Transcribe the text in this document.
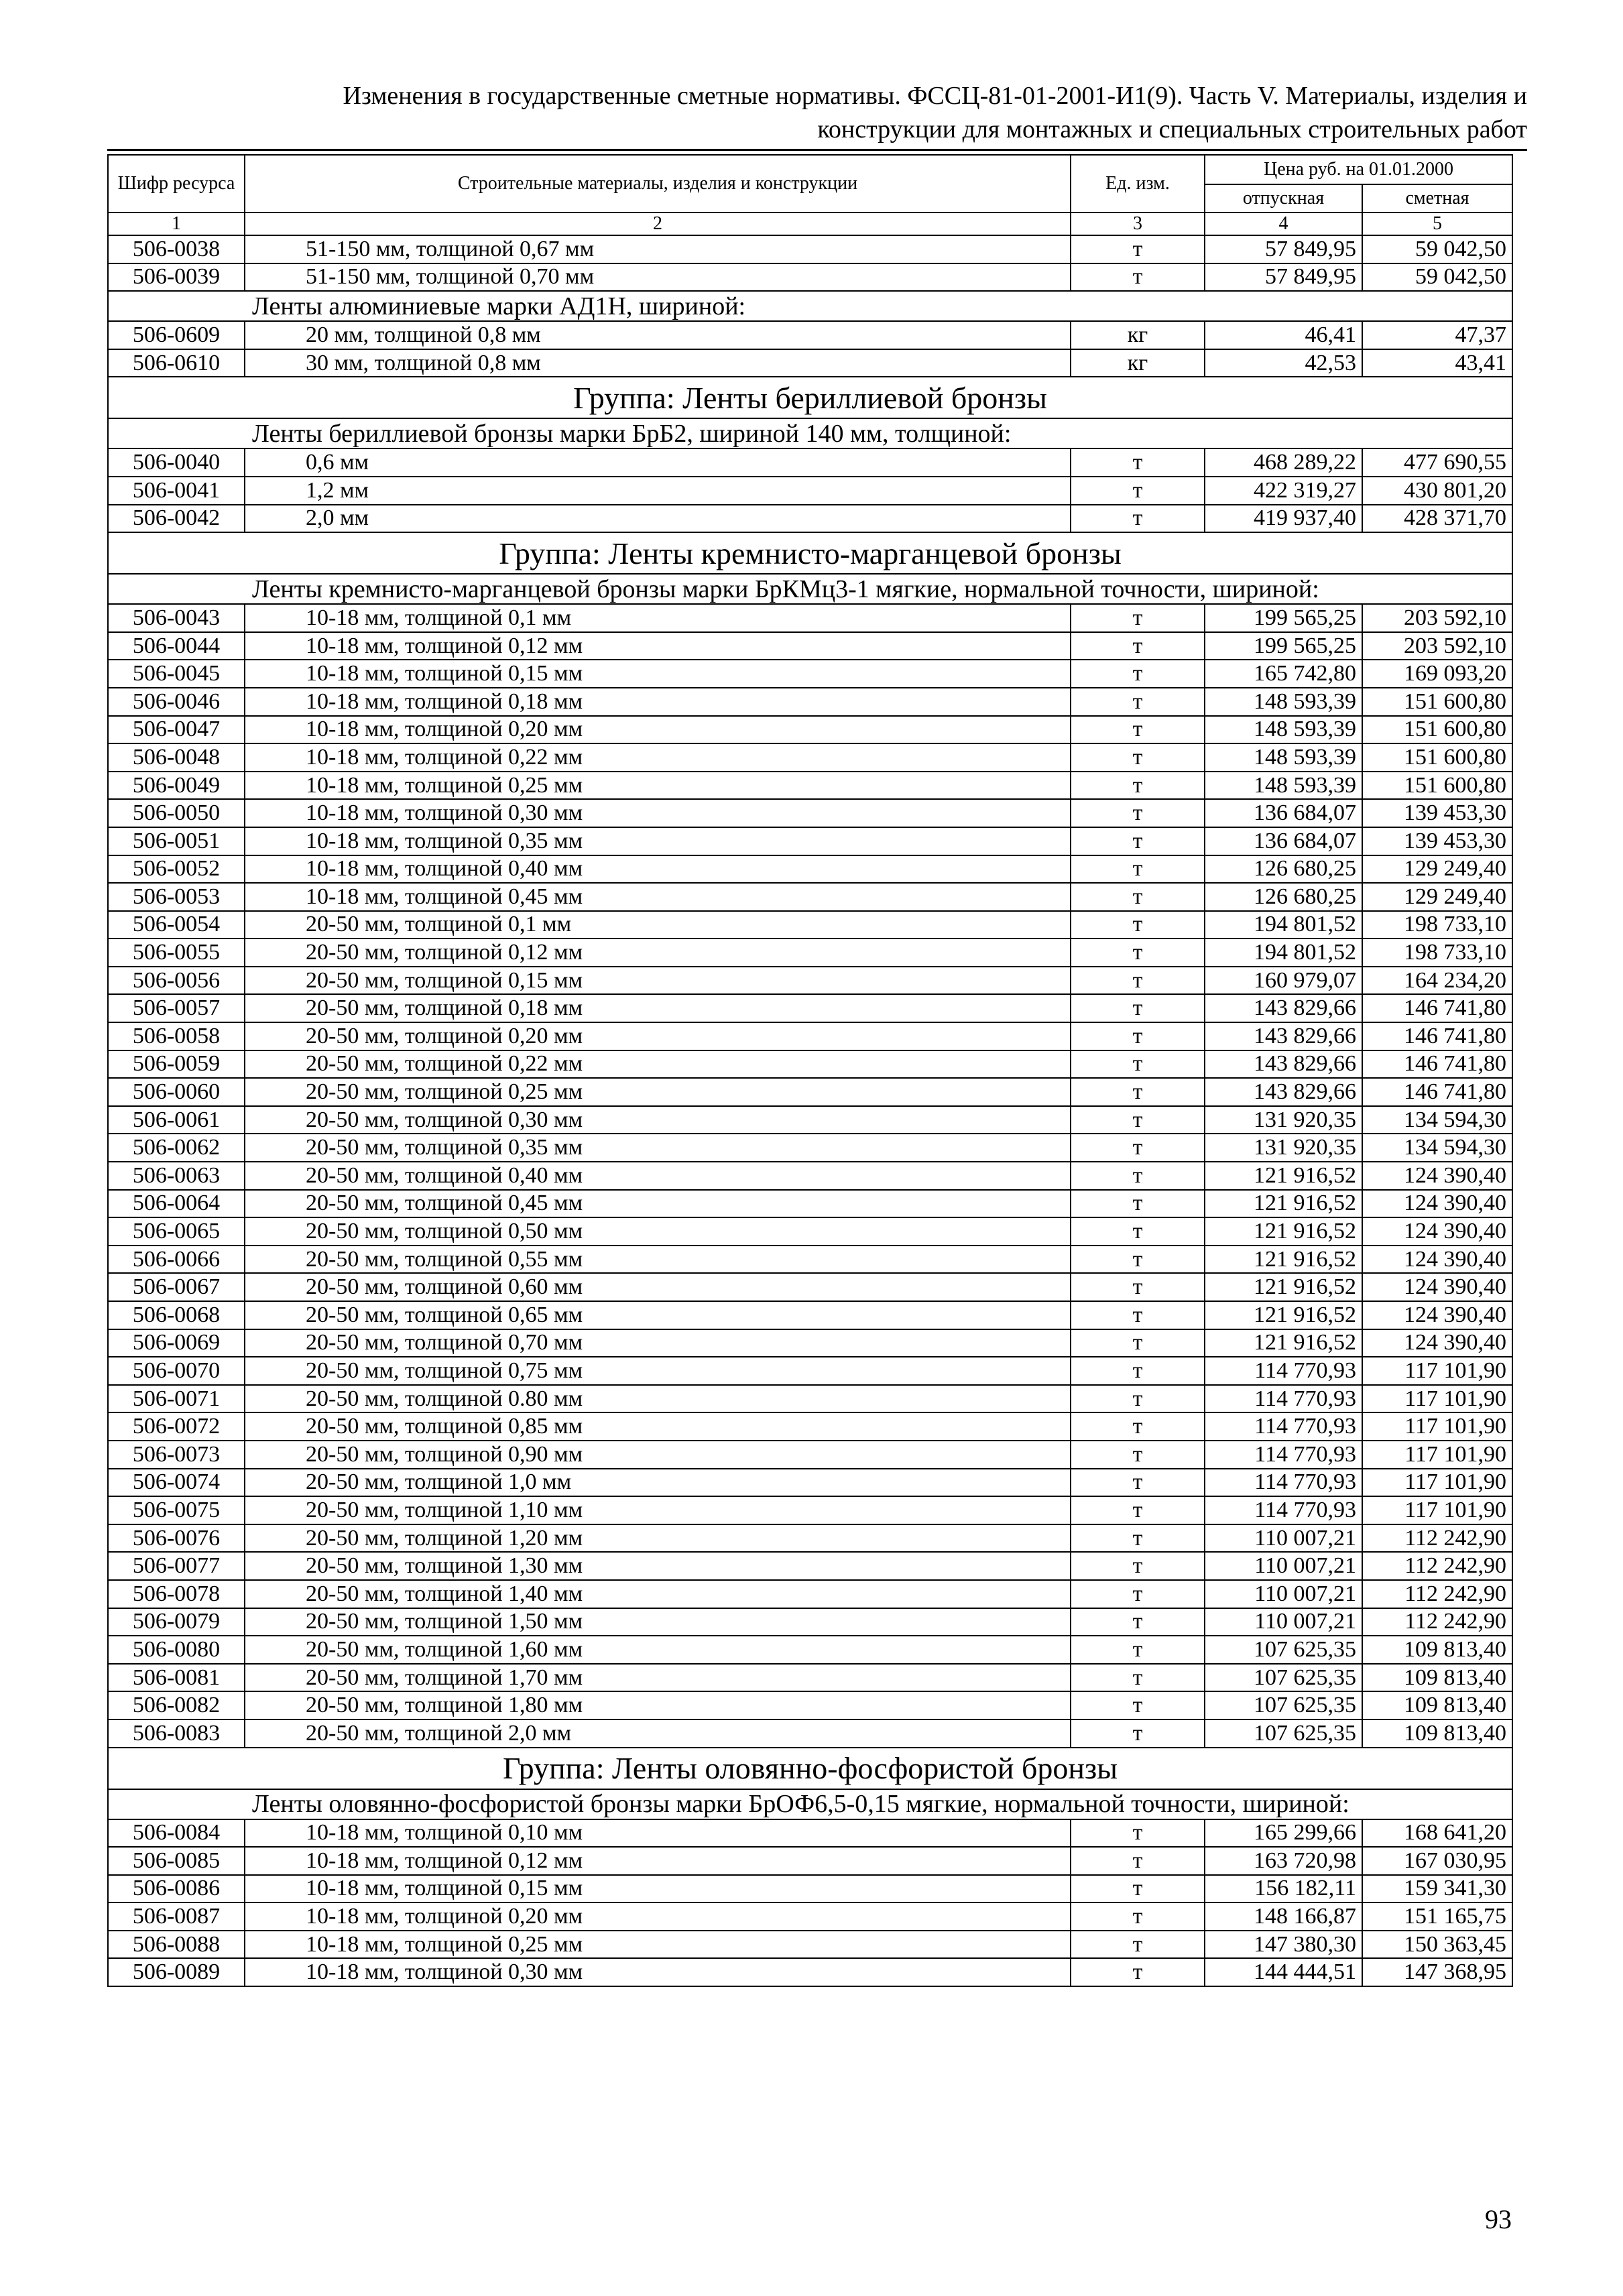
Изменения в государственные сметные нормативы. ФССЦ-81-01-2001-И1(9). Часть V. Материалы, изделия и
конструкции для монтажных и специальных строительных работ
Шифр ресурса	Строительные материалы, изделия и конструкции	Ед. изм.	Цена руб. на 01.01.2000	
			отпускная	сметная
1	2	3	4	5
506-0038	51-150 мм, толщиной 0,67 мм	т	57 849,95	59 042,50
506-0039	51-150 мм, толщиной 0,70 мм	т	57 849,95	59 042,50
Ленты алюминиевые марки АД1Н, шириной:				
506-0609	20 мм, толщиной 0,8 мм	кг	46,41	47,37
506-0610	30 мм, толщиной 0,8 мм	кг	42,53	43,41
Группа: Ленты бериллиевой бронзы				
Ленты бериллиевой бронзы марки БрБ2, шириной 140 мм, толщиной:				
506-0040	0,6 мм	т	468 289,22	477 690,55
506-0041	1,2 мм	т	422 319,27	430 801,20
506-0042	2,0 мм	т	419 937,40	428 371,70
Группа: Ленты кремнисто-марганцевой бронзы				
Ленты кремнисто-марганцевой бронзы марки БрКМц3-1 мягкие, нормальной точности, шириной:				
506-0043	10-18 мм, толщиной 0,1 мм	т	199 565,25	203 592,10
506-0044	10-18 мм, толщиной 0,12 мм	т	199 565,25	203 592,10
506-0045	10-18 мм, толщиной 0,15 мм	т	165 742,80	169 093,20
506-0046	10-18 мм, толщиной 0,18 мм	т	148 593,39	151 600,80
506-0047	10-18 мм, толщиной 0,20 мм	т	148 593,39	151 600,80
506-0048	10-18 мм, толщиной 0,22 мм	т	148 593,39	151 600,80
506-0049	10-18 мм, толщиной 0,25 мм	т	148 593,39	151 600,80
506-0050	10-18 мм, толщиной 0,30 мм	т	136 684,07	139 453,30
506-0051	10-18 мм, толщиной 0,35 мм	т	136 684,07	139 453,30
506-0052	10-18 мм, толщиной 0,40 мм	т	126 680,25	129 249,40
506-0053	10-18 мм, толщиной 0,45 мм	т	126 680,25	129 249,40
506-0054	20-50 мм, толщиной 0,1 мм	т	194 801,52	198 733,10
506-0055	20-50 мм, толщиной 0,12 мм	т	194 801,52	198 733,10
506-0056	20-50 мм, толщиной 0,15 мм	т	160 979,07	164 234,20
506-0057	20-50 мм, толщиной 0,18 мм	т	143 829,66	146 741,80
506-0058	20-50 мм, толщиной 0,20 мм	т	143 829,66	146 741,80
506-0059	20-50 мм, толщиной 0,22 мм	т	143 829,66	146 741,80
506-0060	20-50 мм, толщиной 0,25 мм	т	143 829,66	146 741,80
506-0061	20-50 мм, толщиной 0,30 мм	т	131 920,35	134 594,30
506-0062	20-50 мм, толщиной 0,35 мм	т	131 920,35	134 594,30
506-0063	20-50 мм, толщиной 0,40 мм	т	121 916,52	124 390,40
506-0064	20-50 мм, толщиной 0,45 мм	т	121 916,52	124 390,40
506-0065	20-50 мм, толщиной 0,50 мм	т	121 916,52	124 390,40
506-0066	20-50 мм, толщиной 0,55 мм	т	121 916,52	124 390,40
506-0067	20-50 мм, толщиной 0,60 мм	т	121 916,52	124 390,40
506-0068	20-50 мм, толщиной 0,65 мм	т	121 916,52	124 390,40
506-0069	20-50 мм, толщиной 0,70 мм	т	121 916,52	124 390,40
506-0070	20-50 мм, толщиной 0,75 мм	т	114 770,93	117 101,90
506-0071	20-50 мм, толщиной 0.80 мм	т	114 770,93	117 101,90
506-0072	20-50 мм, толщиной 0,85 мм	т	114 770,93	117 101,90
506-0073	20-50 мм, толщиной 0,90 мм	т	114 770,93	117 101,90
506-0074	20-50 мм, толщиной 1,0 мм	т	114 770,93	117 101,90
506-0075	20-50 мм, толщиной 1,10 мм	т	114 770,93	117 101,90
506-0076	20-50 мм, толщиной 1,20 мм	т	110 007,21	112 242,90
506-0077	20-50 мм, толщиной 1,30 мм	т	110 007,21	112 242,90
506-0078	20-50 мм, толщиной 1,40 мм	т	110 007,21	112 242,90
506-0079	20-50 мм, толщиной 1,50 мм	т	110 007,21	112 242,90
506-0080	20-50 мм, толщиной 1,60 мм	т	107 625,35	109 813,40
506-0081	20-50 мм, толщиной 1,70 мм	т	107 625,35	109 813,40
506-0082	20-50 мм, толщиной 1,80 мм	т	107 625,35	109 813,40
506-0083	20-50 мм, толщиной 2,0 мм	т	107 625,35	109 813,40
Группа: Ленты оловянно-фосфористой бронзы				
Ленты оловянно-фосфористой бронзы марки БрОФ6,5-0,15 мягкие, нормальной точности, шириной:				
506-0084	10-18 мм, толщиной 0,10 мм	т	165 299,66	168 641,20
506-0085	10-18 мм, толщиной 0,12 мм	т	163 720,98	167 030,95
506-0086	10-18 мм, толщиной 0,15 мм	т	156 182,11	159 341,30
506-0087	10-18 мм, толщиной 0,20 мм	т	148 166,87	151 165,75
506-0088	10-18 мм, толщиной 0,25 мм	т	147 380,30	150 363,45
506-0089	10-18 мм, толщиной 0,30 мм	т	144 444,51	147 368,95
93
